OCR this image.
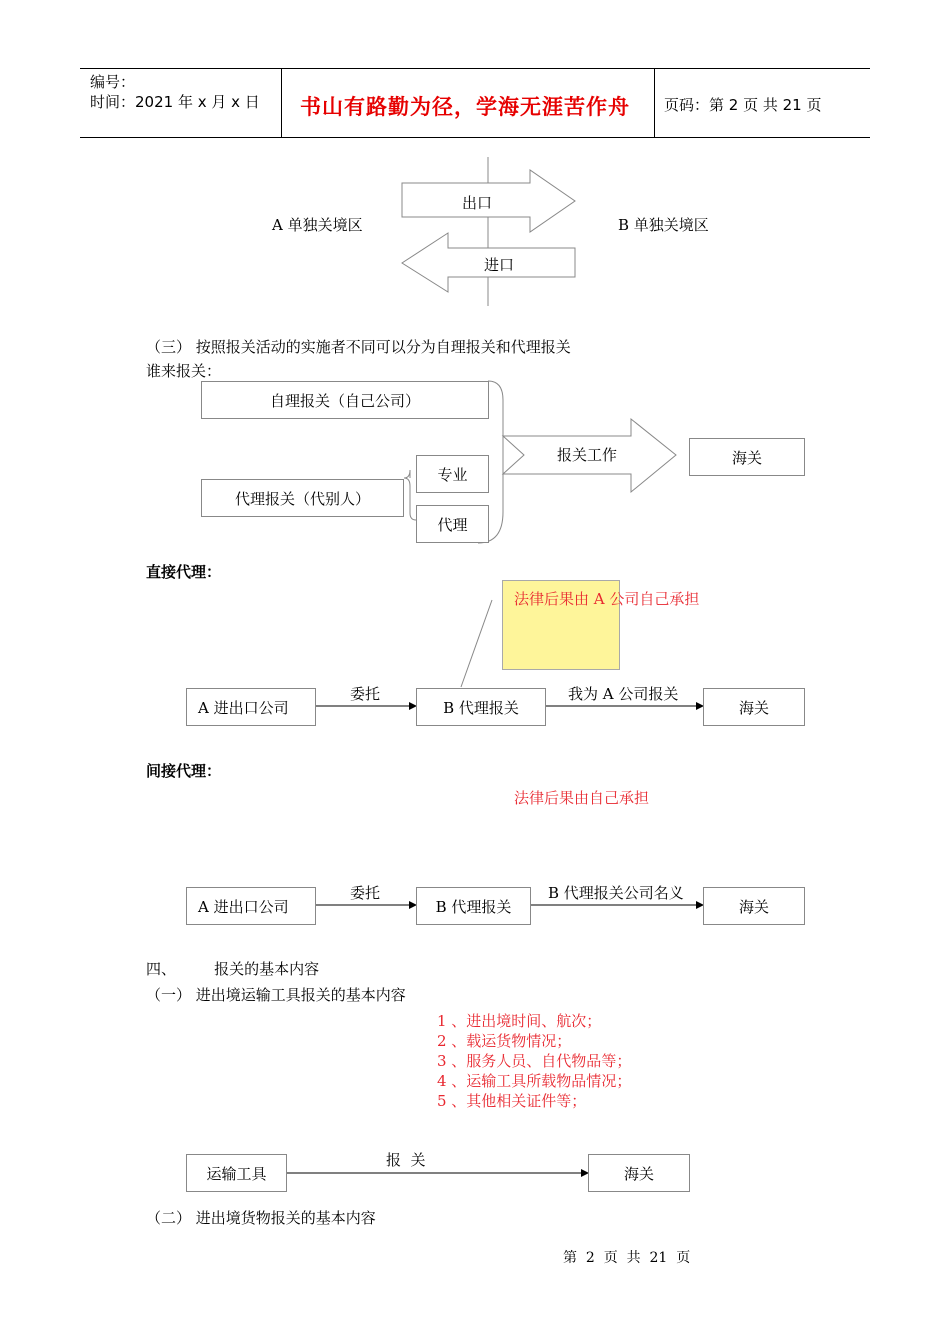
编号：
时间：2021 年 x 月 x 日 书山有路勤为径，学海无涯苦作舟 页码：第 2 页 共 21 页
A 单独关境区	B 单独关境区
出口
进口
（三） 按照报关活动的实施者不同可以分为自理报关和代理报关
谁来报关：
自理报关（自己公司）
代理报关（代别人）
专业
代理
报关工作	海关
直接代理：
法律后果由 A 公司自己承担
A 进出口公司
委托
B 代理报关
我为 A 公司报关
海关
间接代理：
法律后果由自己承担
A 进出口公司
委托
B 代理报关
B 代理报关公司名义
海关
四、        报关的基本内容
（一） 进出境运输工具报关的基本内容
1 、进出境时间、航次；
2 、载运货物情况；
3 、服务人员、自代物品等；
4 、运输工具所载物品情况；
5 、其他相关证件等；
运输工具
报  关
海关
（二） 进出境货物报关的基本内容
第  2  页  共  21  页
